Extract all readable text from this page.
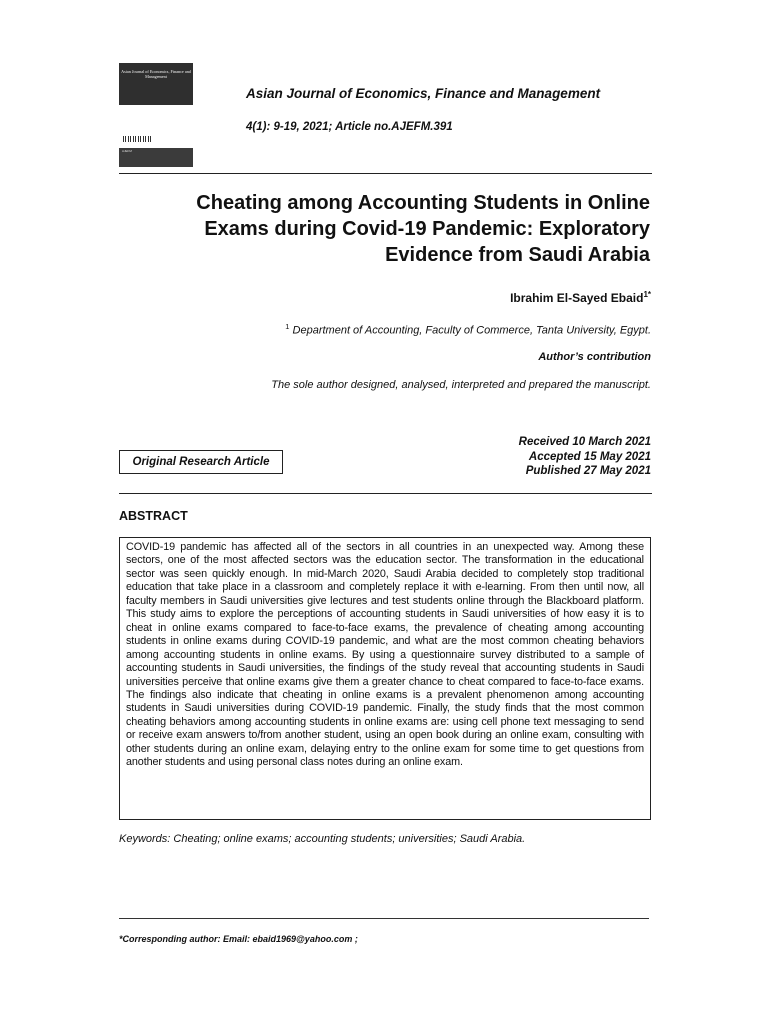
Asian Journal of Economics, Finance and Management
AJEFM
Asian Journal of Economics, Finance and Management
4(1): 9-19, 2021; Article no.AJEFM.391
Cheating among Accounting Students in Online Exams during Covid-19 Pandemic: Exploratory Evidence from Saudi Arabia
Ibrahim El-Sayed Ebaid$^{1*}$
$^1$ Department of Accounting, Faculty of Commerce, Tanta University, Egypt.
Author’s contribution
The sole author designed, analysed, interpreted and prepared the manuscript.
Original Research Article
Received 10 March 2021
Accepted 15 May 2021
Published 27 May 2021
ABSTRACT

COVID-19 pandemic has affected all of the sectors in all countries in an unexpected way. Among these sectors, one of the most affected sectors was the education sector. The transformation in the educational sector was seen quickly enough. In mid-March 2020, Saudi Arabia decided to completely stop traditional education that take place in a classroom and completely replace it with e-learning. From then until now, all faculty members in Saudi universities give lectures and test students online through the Blackboard platform. This study aims to explore the perceptions of accounting students in Saudi universities of how easy it is to cheat in online exams compared to face-to-face exams, the prevalence of cheating among accounting students in online exams during COVID-19 pandemic, and what are the most common cheating behaviors among accounting students in online exams. By using a questionnaire survey distributed to a sample of accounting students in Saudi universities, the findings of the study reveal that accounting students in Saudi universities perceive that online exams give them a greater chance to cheat compared to face-to-face exams. The findings also indicate that cheating in online exams is a prevalent phenomenon among accounting students in Saudi universities during COVID-19 pandemic. Finally, the study finds that the most common cheating behaviors among accounting students in online exams are: using cell phone text messaging to send or receive exam answers to/from another student, using an open book during an online exam, consulting with other students during an online exam, delaying entry to the online exam for some time to get questions from another students and using personal class notes during an online exam.

Keywords: Cheating; online exams; accounting students; universities; Saudi Arabia.
*Corresponding author: Email: ebaid1969@yahoo.com ;
